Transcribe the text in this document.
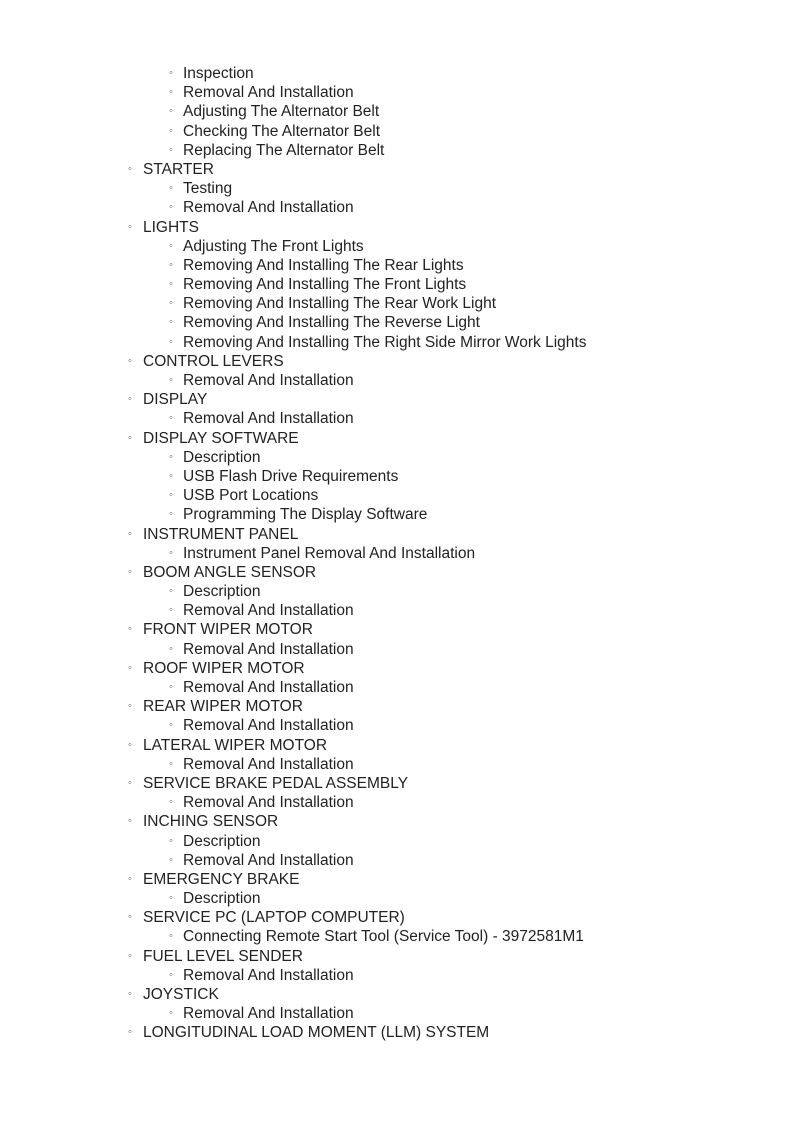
◦ Inspection
◦ Removal And Installation
◦ Adjusting The Alternator Belt
◦ Checking The Alternator Belt
◦ Replacing The Alternator Belt
◦ STARTER
◦ Testing
◦ Removal And Installation
◦ LIGHTS
◦ Adjusting The Front Lights
◦ Removing And Installing The Rear Lights
◦ Removing And Installing The Front Lights
◦ Removing And Installing The Rear Work Light
◦ Removing And Installing The Reverse Light
◦ Removing And Installing The Right Side Mirror Work Lights
◦ CONTROL LEVERS
◦ Removal And Installation
◦ DISPLAY
◦ Removal And Installation
◦ DISPLAY SOFTWARE
◦ Description
◦ USB Flash Drive Requirements
◦ USB Port Locations
◦ Programming The Display Software
◦ INSTRUMENT PANEL
◦ Instrument Panel Removal And Installation
◦ BOOM ANGLE SENSOR
◦ Description
◦ Removal And Installation
◦ FRONT WIPER MOTOR
◦ Removal And Installation
◦ ROOF WIPER MOTOR
◦ Removal And Installation
◦ REAR WIPER MOTOR
◦ Removal And Installation
◦ LATERAL WIPER MOTOR
◦ Removal And Installation
◦ SERVICE BRAKE PEDAL ASSEMBLY
◦ Removal And Installation
◦ INCHING SENSOR
◦ Description
◦ Removal And Installation
◦ EMERGENCY BRAKE
◦ Description
◦ SERVICE PC (LAPTOP COMPUTER)
◦ Connecting Remote Start Tool (Service Tool) - 3972581M1
◦ FUEL LEVEL SENDER
◦ Removal And Installation
◦ JOYSTICK
◦ Removal And Installation
◦ LONGITUDINAL LOAD MOMENT (LLM) SYSTEM
